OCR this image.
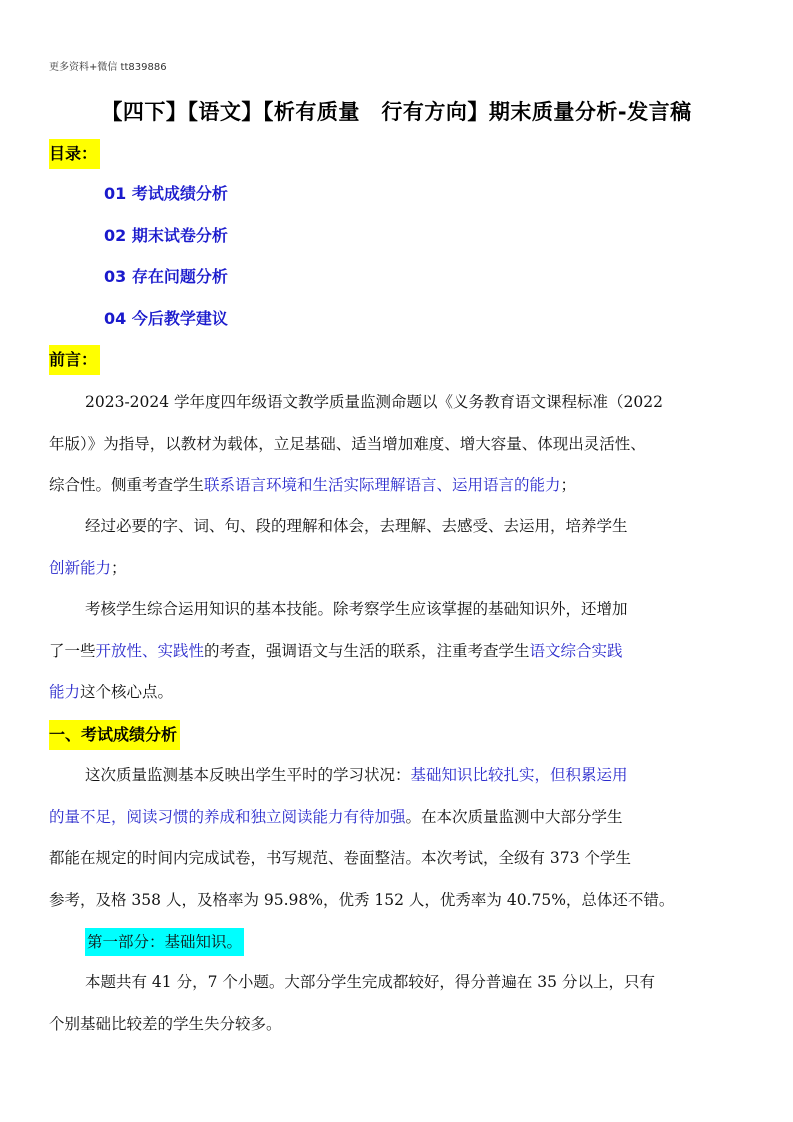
更多资料+微信 tt839886
【四下】【语文】【析有质量　行有方向】期末质量分析-发言稿
目录：
01 考试成绩分析
02 期末试卷分析
03 存在问题分析
04 今后教学建议
前言：
2023-2024 学年度四年级语文教学质量监测命题以《义务教育语文课程标准（2022
年版）》为指导，以教材为载体，立足基础、适当增加难度、增大容量、体现出灵活性、
综合性。侧重考查学生联系语言环境和生活实际理解语言、运用语言的能力；
经过必要的字、词、句、段的理解和体会，去理解、去感受、去运用，培养学生
创新能力；
考核学生综合运用知识的基本技能。除考察学生应该掌握的基础知识外，还增加
了一些开放性、实践性的考查，强调语文与生活的联系，注重考查学生语文综合实践
能力这个核心点。
一、考试成绩分析
这次质量监测基本反映出学生平时的学习状况：基础知识比较扎实，但积累运用
的量不足，阅读习惯的养成和独立阅读能力有待加强。在本次质量监测中大部分学生
都能在规定的时间内完成试卷，书写规范、卷面整洁。本次考试，全级有 373 个学生
参考，及格 358 人，及格率为 95.98%，优秀 152 人，优秀率为 40.75%，总体还不错。
第一部分：基础知识。
本题共有 41 分，7 个小题。大部分学生完成都较好，得分普遍在 35 分以上，只有
个别基础比较差的学生失分较多。
